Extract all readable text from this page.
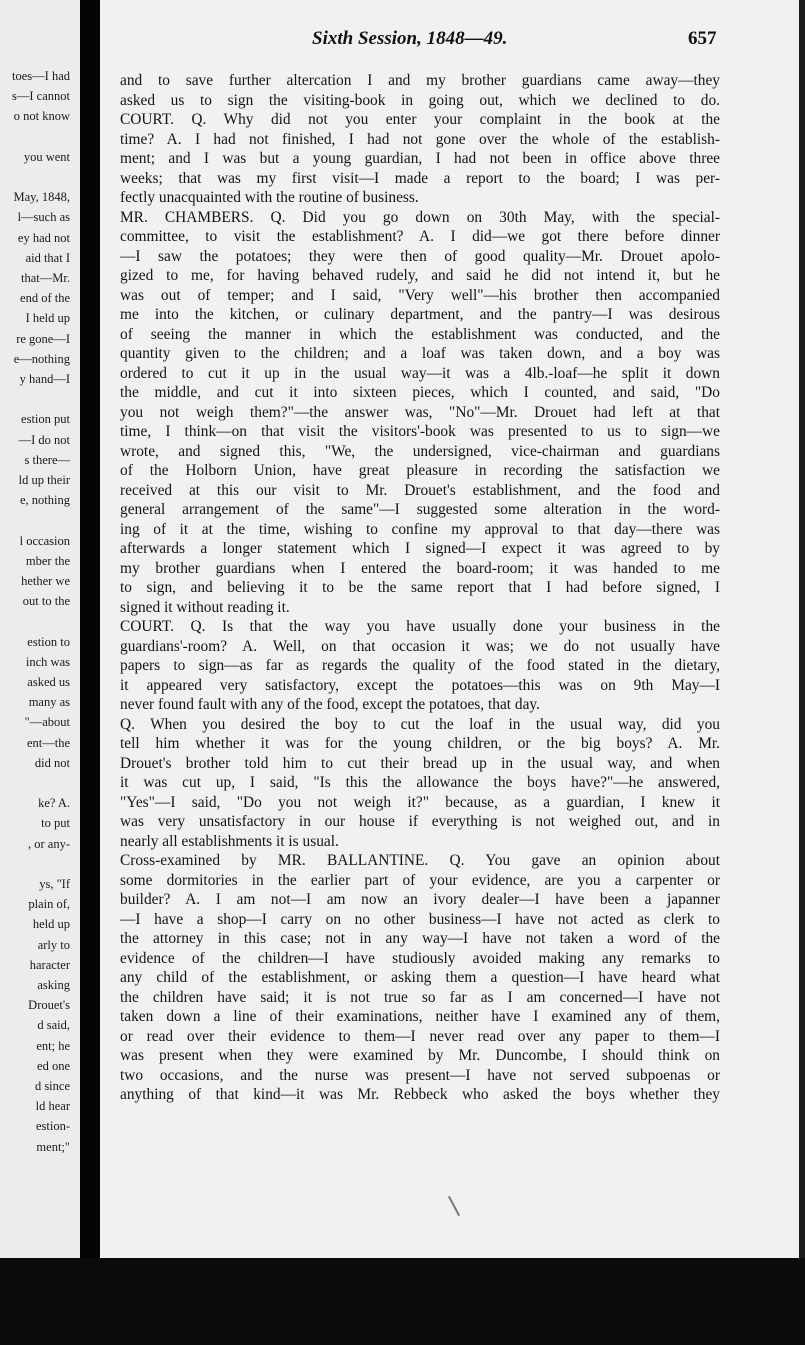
toes—I had
s—I cannot
o not know
you went
May, 1848,
l—such as
ey had not
aid that I
that—Mr.
end of the
I held up
re gone—I
e—nothing
y hand—I
estion put
—I do not
s there—
ld up their
e, nothing
l occasion
mber the
hether we
out to the
estion to
inch was
asked us
many as
"—about
ent—the
did not
ke? A.
to put
, or any-
ys, "If
plain of,
held up
arly to
haracter
asking
Drouet's
d said,
ent; he
ed one
d since
ld hear
estion-
ment;"
Sixth Session, 1848—49.	657
and to save further altercation I and my brother guardians came away—they
asked us to sign the visiting-book in going out, which we declined to do.
COURT. Q. Why did not you enter your complaint in the book at the
time? A. I had not finished, I had not gone over the whole of the establish-
ment; and I was but a young guardian, I had not been in office above three
weeks; that was my first visit—I made a report to the board; I was per-
fectly unacquainted with the routine of business.
MR. CHAMBERS. Q. Did you go down on 30th May, with the special-
committee, to visit the establishment? A. I did—we got there before dinner
—I saw the potatoes; they were then of good quality—Mr. Drouet apolo-
gized to me, for having behaved rudely, and said he did not intend it, but he
was out of temper; and I said, "Very well"—his brother then accompanied
me into the kitchen, or culinary department, and the pantry—I was desirous
of seeing the manner in which the establishment was conducted, and the
quantity given to the children; and a loaf was taken down, and a boy was
ordered to cut it up in the usual way—it was a 4lb.-loaf—he split it down
the middle, and cut it into sixteen pieces, which I counted, and said, "Do
you not weigh them?"—the answer was, "No"—Mr. Drouet had left at that
time, I think—on that visit the visitors'-book was presented to us to sign—we
wrote, and signed this, "We, the undersigned, vice-chairman and guardians
of the Holborn Union, have great pleasure in recording the satisfaction we
received at this our visit to Mr. Drouet's establishment, and the food and
general arrangement of the same"—I suggested some alteration in the word-
ing of it at the time, wishing to confine my approval to that day—there was
afterwards a longer statement which I signed—I expect it was agreed to by
my brother guardians when I entered the board-room; it was handed to me
to sign, and believing it to be the same report that I had before signed, I
signed it without reading it.
COURT. Q. Is that the way you have usually done your business in the
guardians'-room? A. Well, on that occasion it was; we do not usually have
papers to sign—as far as regards the quality of the food stated in the dietary,
it appeared very satisfactory, except the potatoes—this was on 9th May—I
never found fault with any of the food, except the potatoes, that day.
Q. When you desired the boy to cut the loaf in the usual way, did you
tell him whether it was for the young children, or the big boys? A. Mr.
Drouet's brother told him to cut their bread up in the usual way, and when
it was cut up, I said, "Is this the allowance the boys have?"—he answered,
"Yes"—I said, "Do you not weigh it?" because, as a guardian, I knew it
was very unsatisfactory in our house if everything is not weighed out, and in
nearly all establishments it is usual.
Cross-examined by MR. BALLANTINE. Q. You gave an opinion about
some dormitories in the earlier part of your evidence, are you a carpenter or
builder? A. I am not—I am now an ivory dealer—I have been a japanner
—I have a shop—I carry on no other business—I have not acted as clerk to
the attorney in this case; not in any way—I have not taken a word of the
evidence of the children—I have studiously avoided making any remarks to
any child of the establishment, or asking them a question—I have heard what
the children have said; it is not true so far as I am concerned—I have not
taken down a line of their examinations, neither have I examined any of them,
or read over their evidence to them—I never read over any paper to them—I
was present when they were examined by Mr. Duncombe, I should think on
two occasions, and the nurse was present—I have not served subpoenas or
anything of that kind—it was Mr. Rebbeck who asked the boys whether they
